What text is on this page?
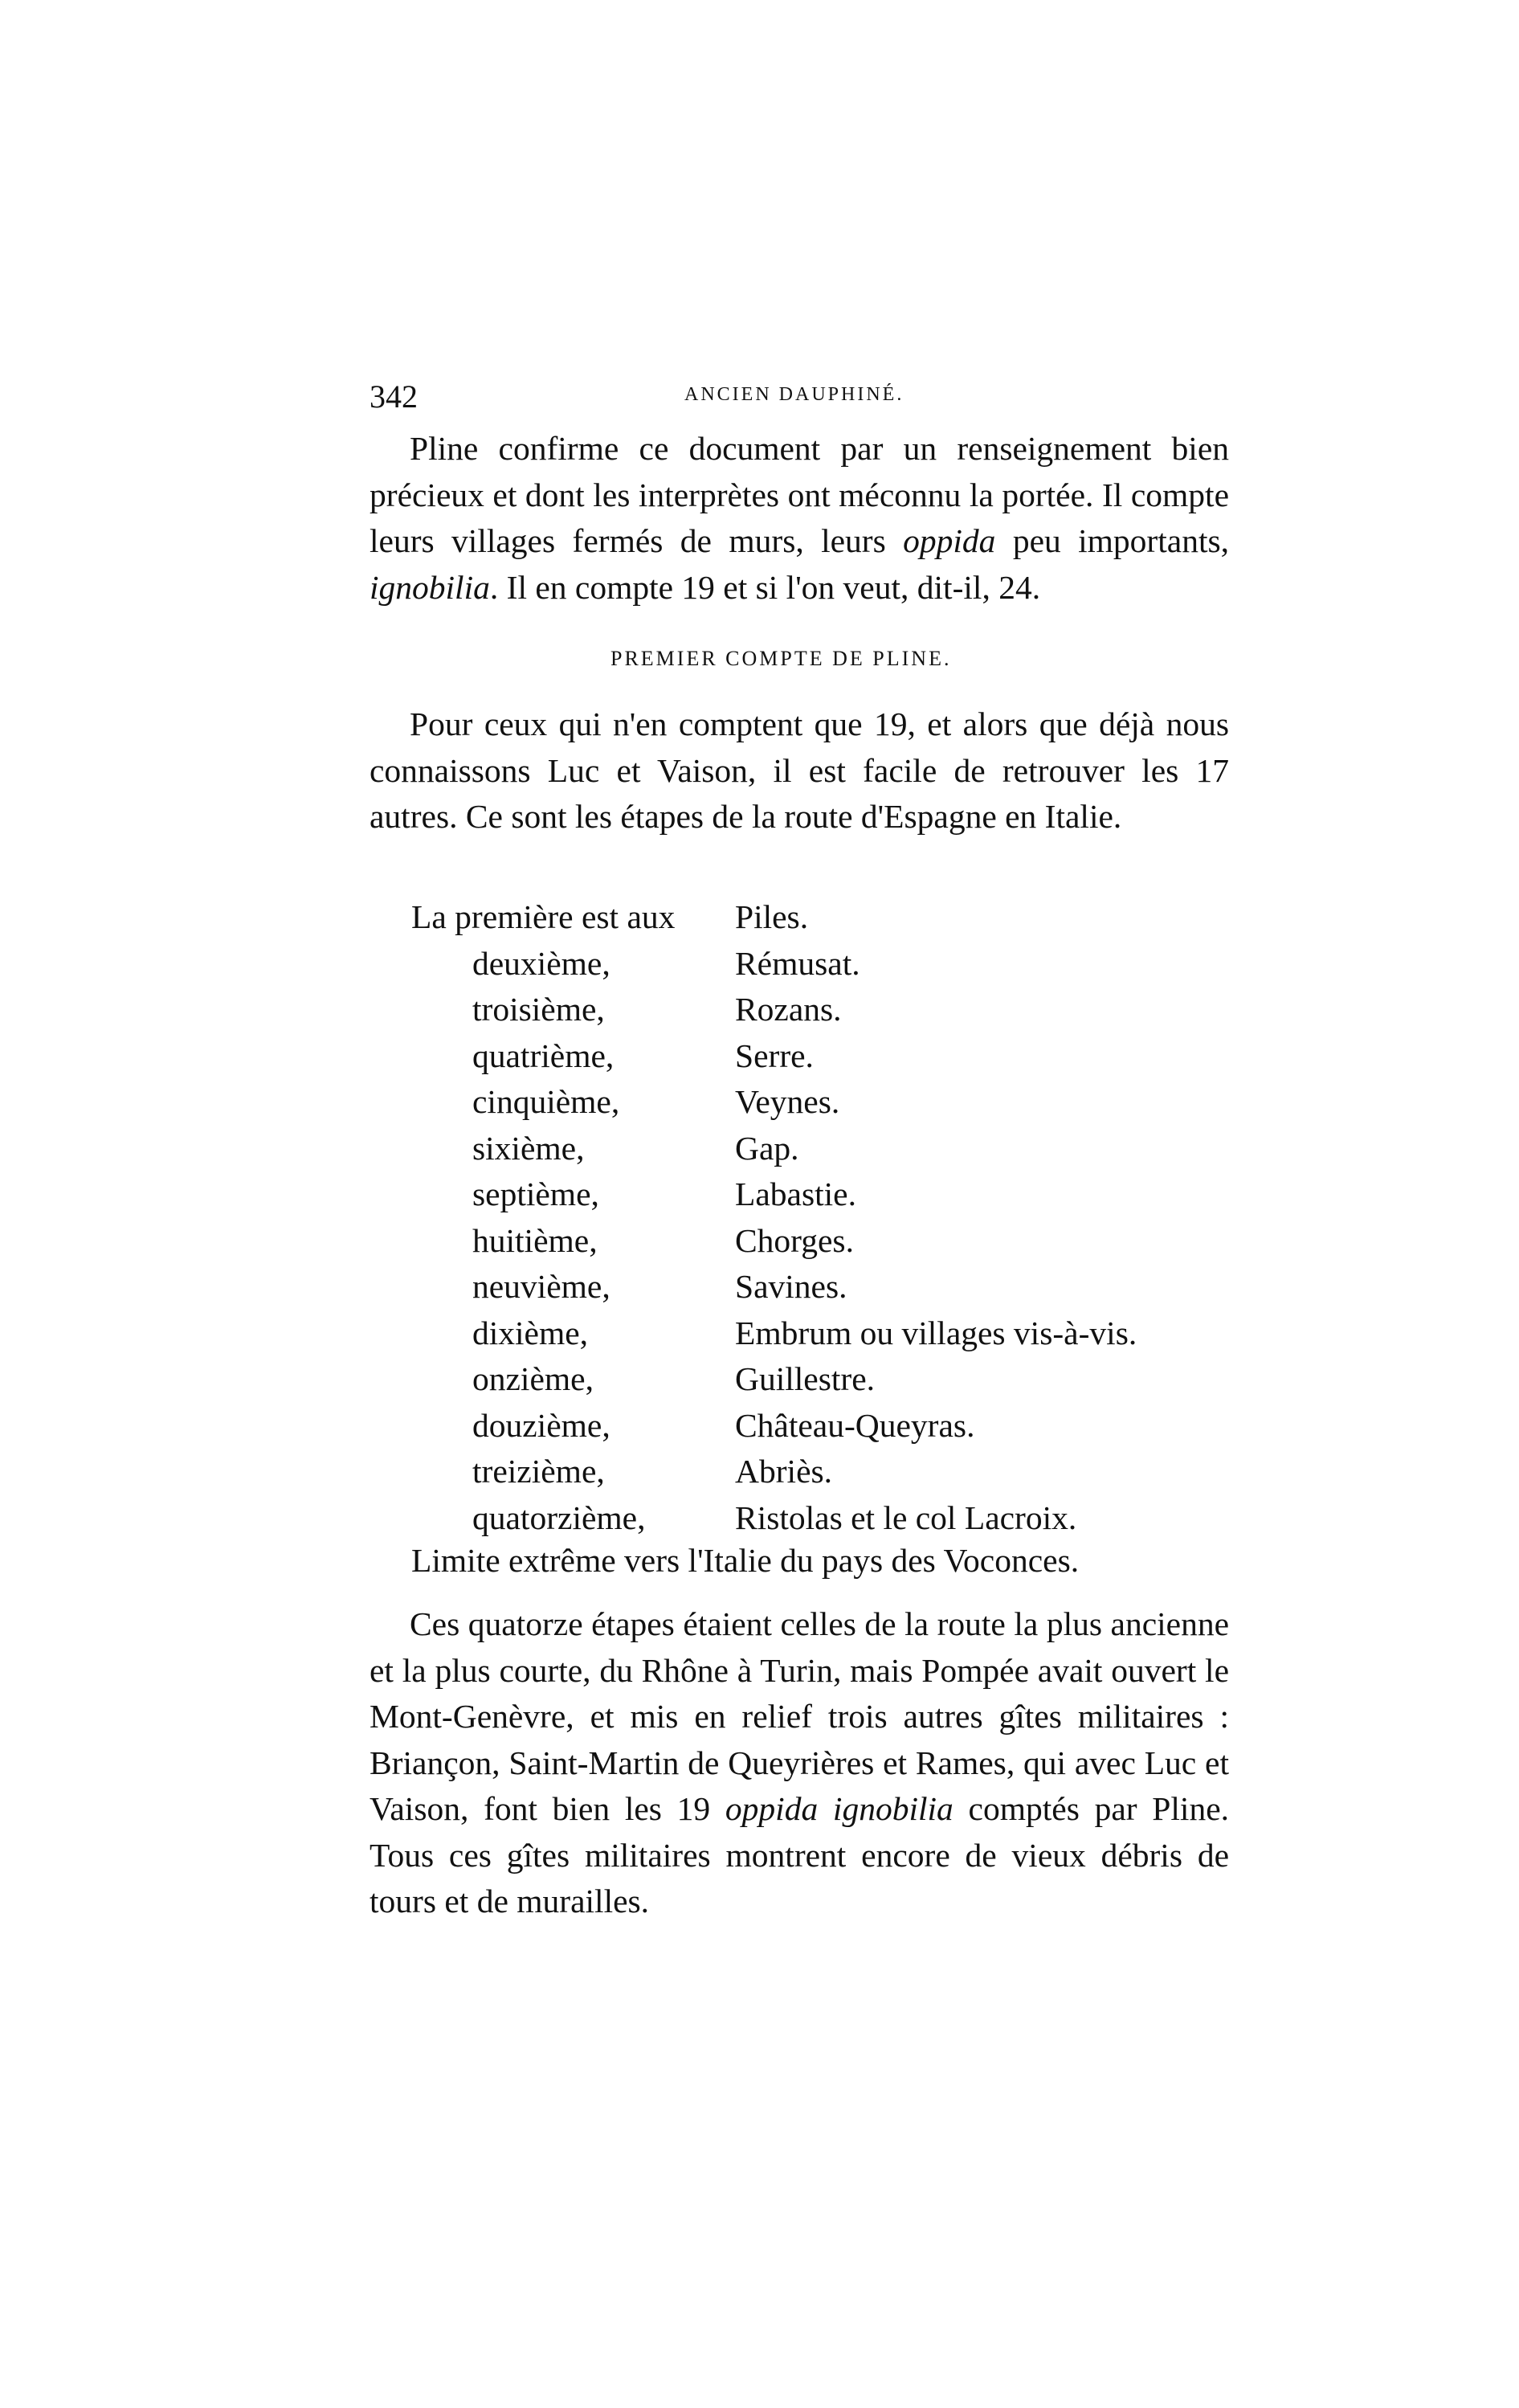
342	ANCIEN DAUPHINÉ.

Pline confirme ce document par un renseignement bien précieux et dont les interprètes ont méconnu la portée. Il compte leurs villages fermés de murs, leurs oppida peu importants, ignobilia. Il en compte 19 et si l'on veut, dit-il, 24.

PREMIER COMPTE DE PLINE.

Pour ceux qui n'en comptent que 19, et alors que déjà nous connaissons Luc et Vaison, il est facile de retrouver les 17 autres. Ce sont les étapes de la route d'Espagne en Italie.

La première est aux Piles.
deuxième,	Rémusat.
troisième,	Rozans.
quatrième,	Serre.
cinquième,	Veynes.
sixième,	Gap.
septième,	Labastie.
huitième,	Chorges.
neuvième,	Savines.
dixième,	Embrum ou villages vis-à-vis.
onzième,	Guillestre.
douzième,	Château-Queyras.
treizième,	Abriès.
quatorzième,	Ristolas et le col Lacroix.
Limite extrême vers l'Italie du pays des Voconces.

Ces quatorze étapes étaient celles de la route la plus ancienne et la plus courte, du Rhône à Turin, mais Pompée avait ouvert le Mont-Genèvre, et mis en relief trois autres gîtes militaires : Briançon, Saint-Martin de Queyrières et Rames, qui avec Luc et Vaison, font bien les 19 oppida ignobilia comptés par Pline. Tous ces gîtes militaires montrent encore de vieux débris de tours et de murailles.
